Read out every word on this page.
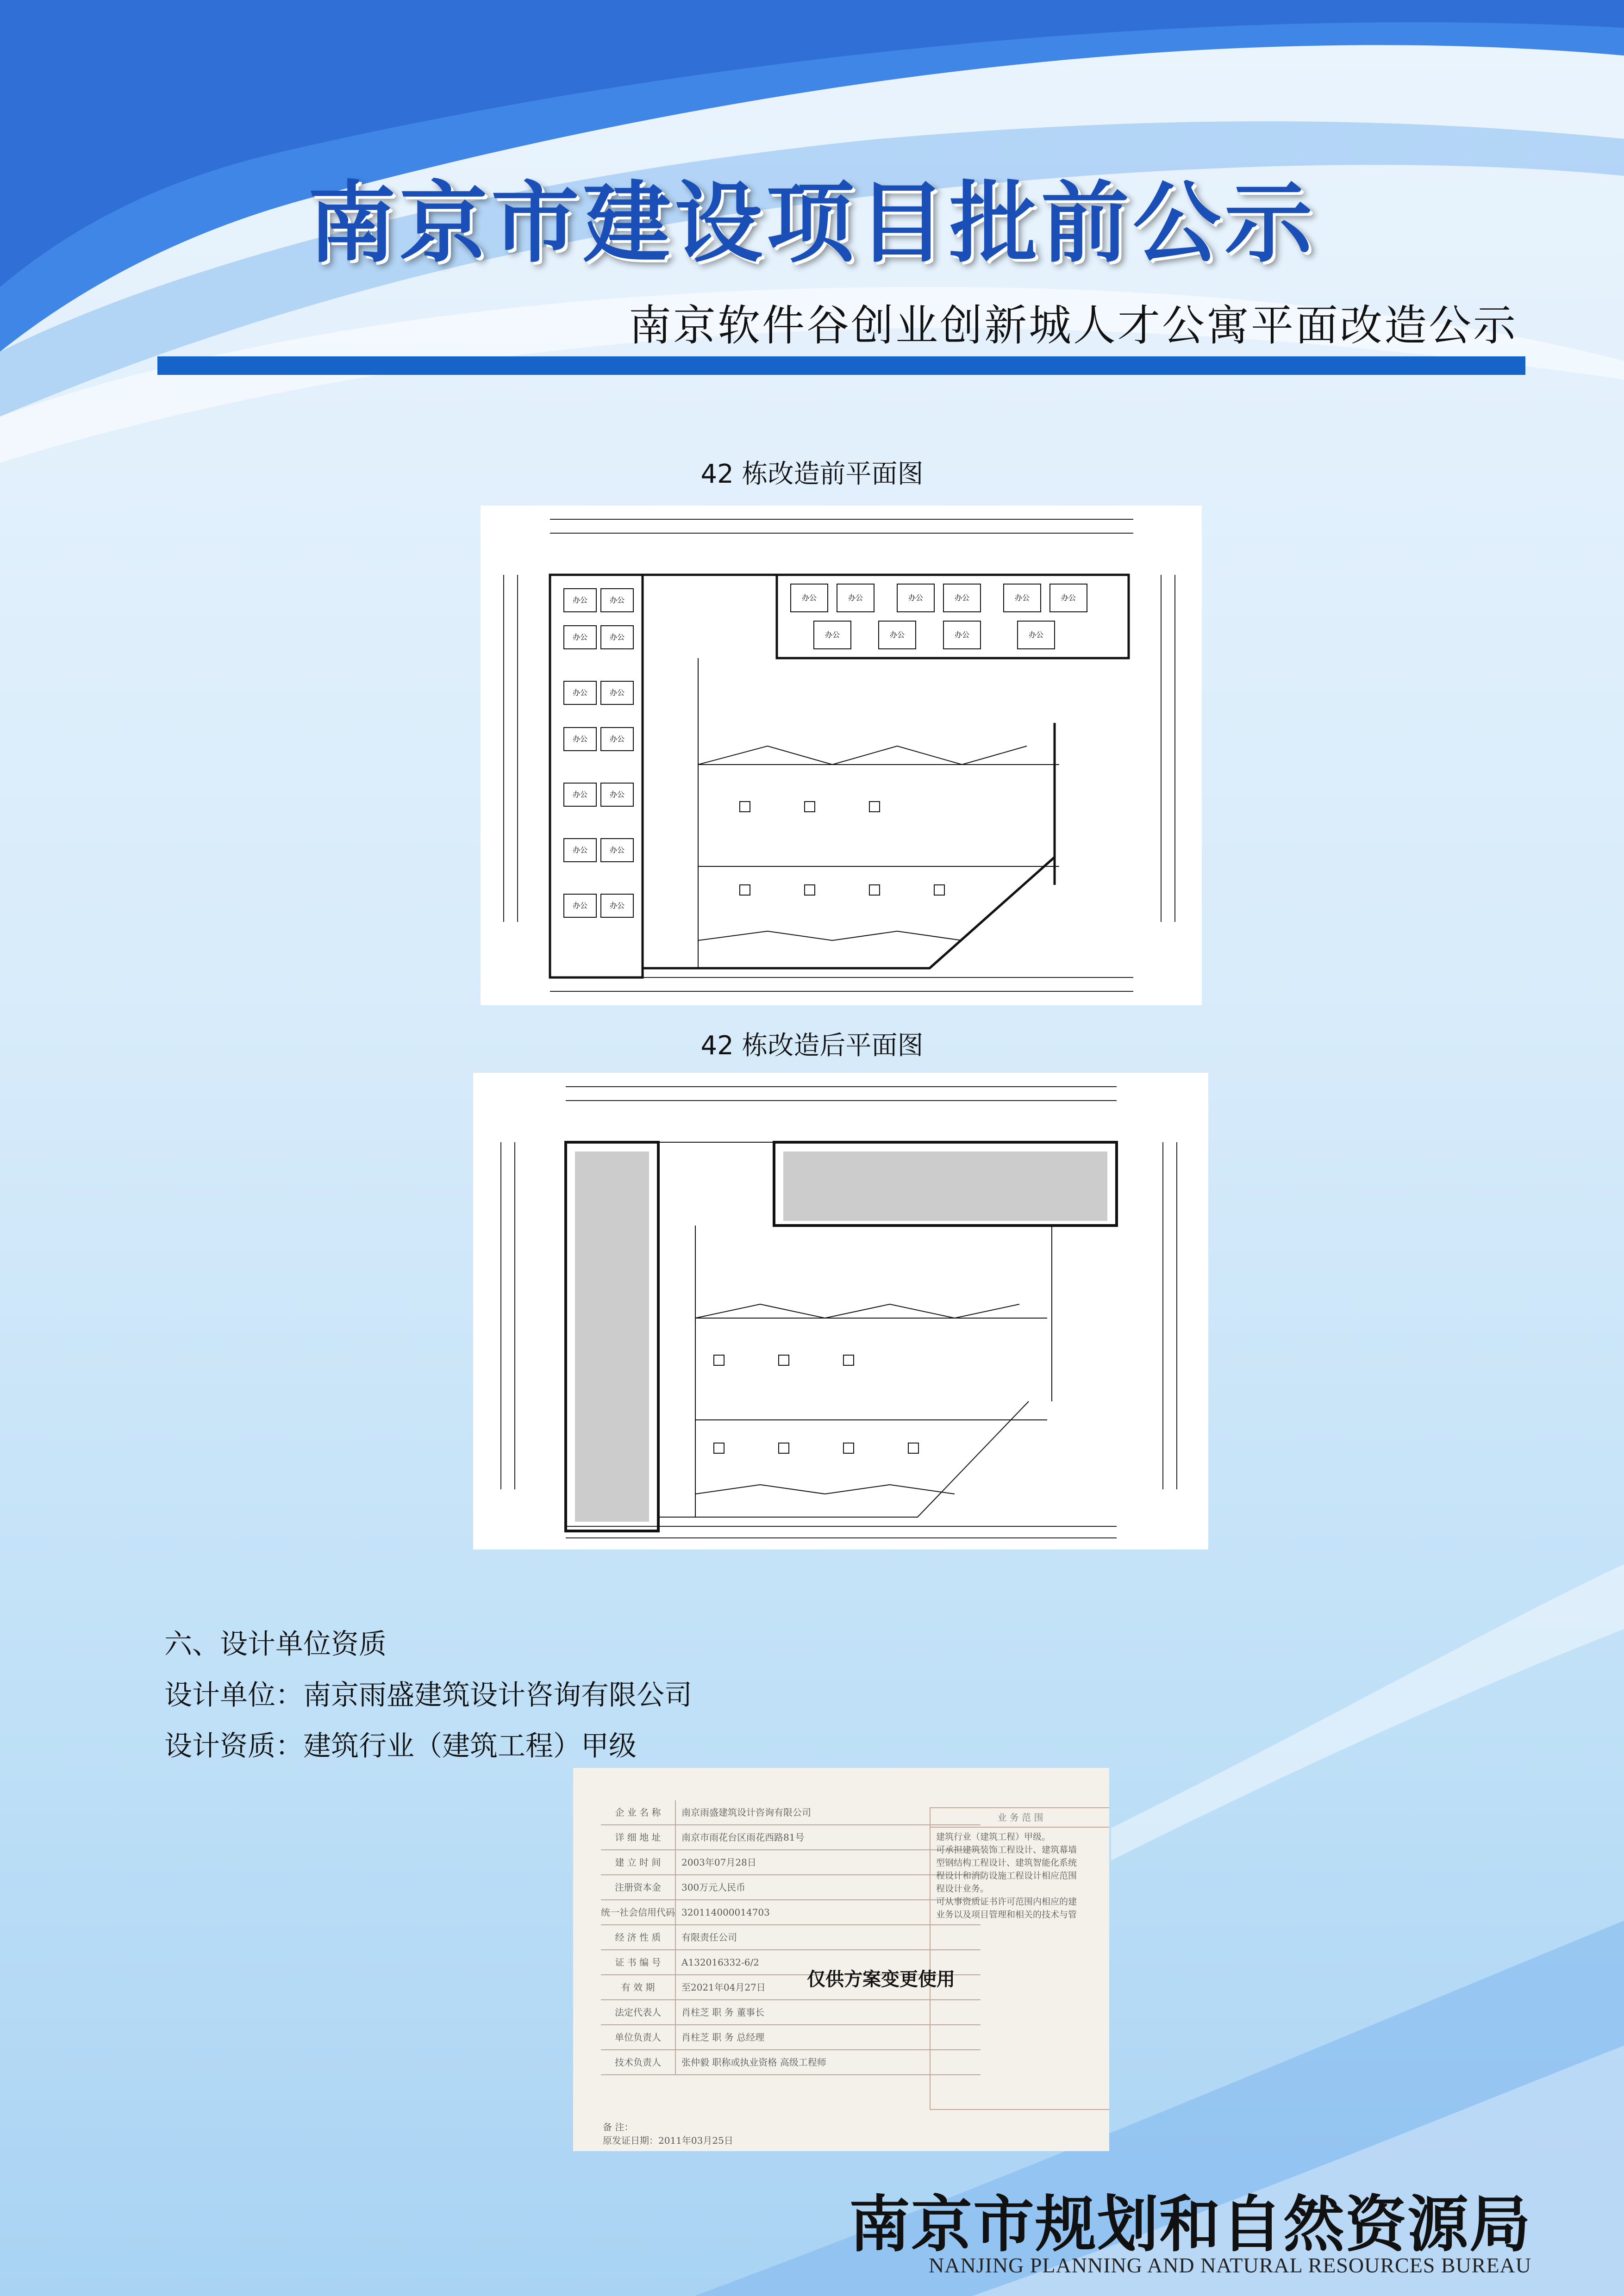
南京市建设项目批前公示
南京软件谷创业创新城人才公寓平面改造公示
42 栋改造前平面图
办公	办公
办公	办公
办公	办公
办公	办公
办公	办公
办公	办公
办公	办公
办公	办公	办公	办公	办公	办公
办公	办公	办公	办公
42 栋改造后平面图
六、设计单位资质
设计单位：南京雨盛建筑设计咨询有限公司
设计资质：建筑行业（建筑工程）甲级
企 业 名 称	南京雨盛建筑设计咨询有限公司
详 细 地 址	南京市雨花台区雨花西路81号
建 立 时 间	2003年07月28日
注册资本金	300万元人民币
统一社会信用代码 320114000014703
经 济 性 质	有限责任公司
证 书 编 号	A132016332-6/2
有 效 期	至2021年04月27日
法定代表人	肖柱芝 职 务 董事长
单位负责人	肖柱芝 职 务 总经理
技术负责人	张仲毅 职称或执业资格 高级工程师
备 注：
原发证日期：2011年03月25日
业 务 范 围
建筑行业（建筑工程）甲级。
可承担建筑装饰工程设计、建筑幕墙
型钢结构工程设计、建筑智能化系统
程设计和消防设施工程设计相应范围
程设计业务。
可从事资质证书许可范围内相应的建
业务以及项目管理和相关的技术与管
仅供方案变更使用
南京市规划和自然资源局
NANJING PLANNING AND NATURAL RESOURCES BUREAU
